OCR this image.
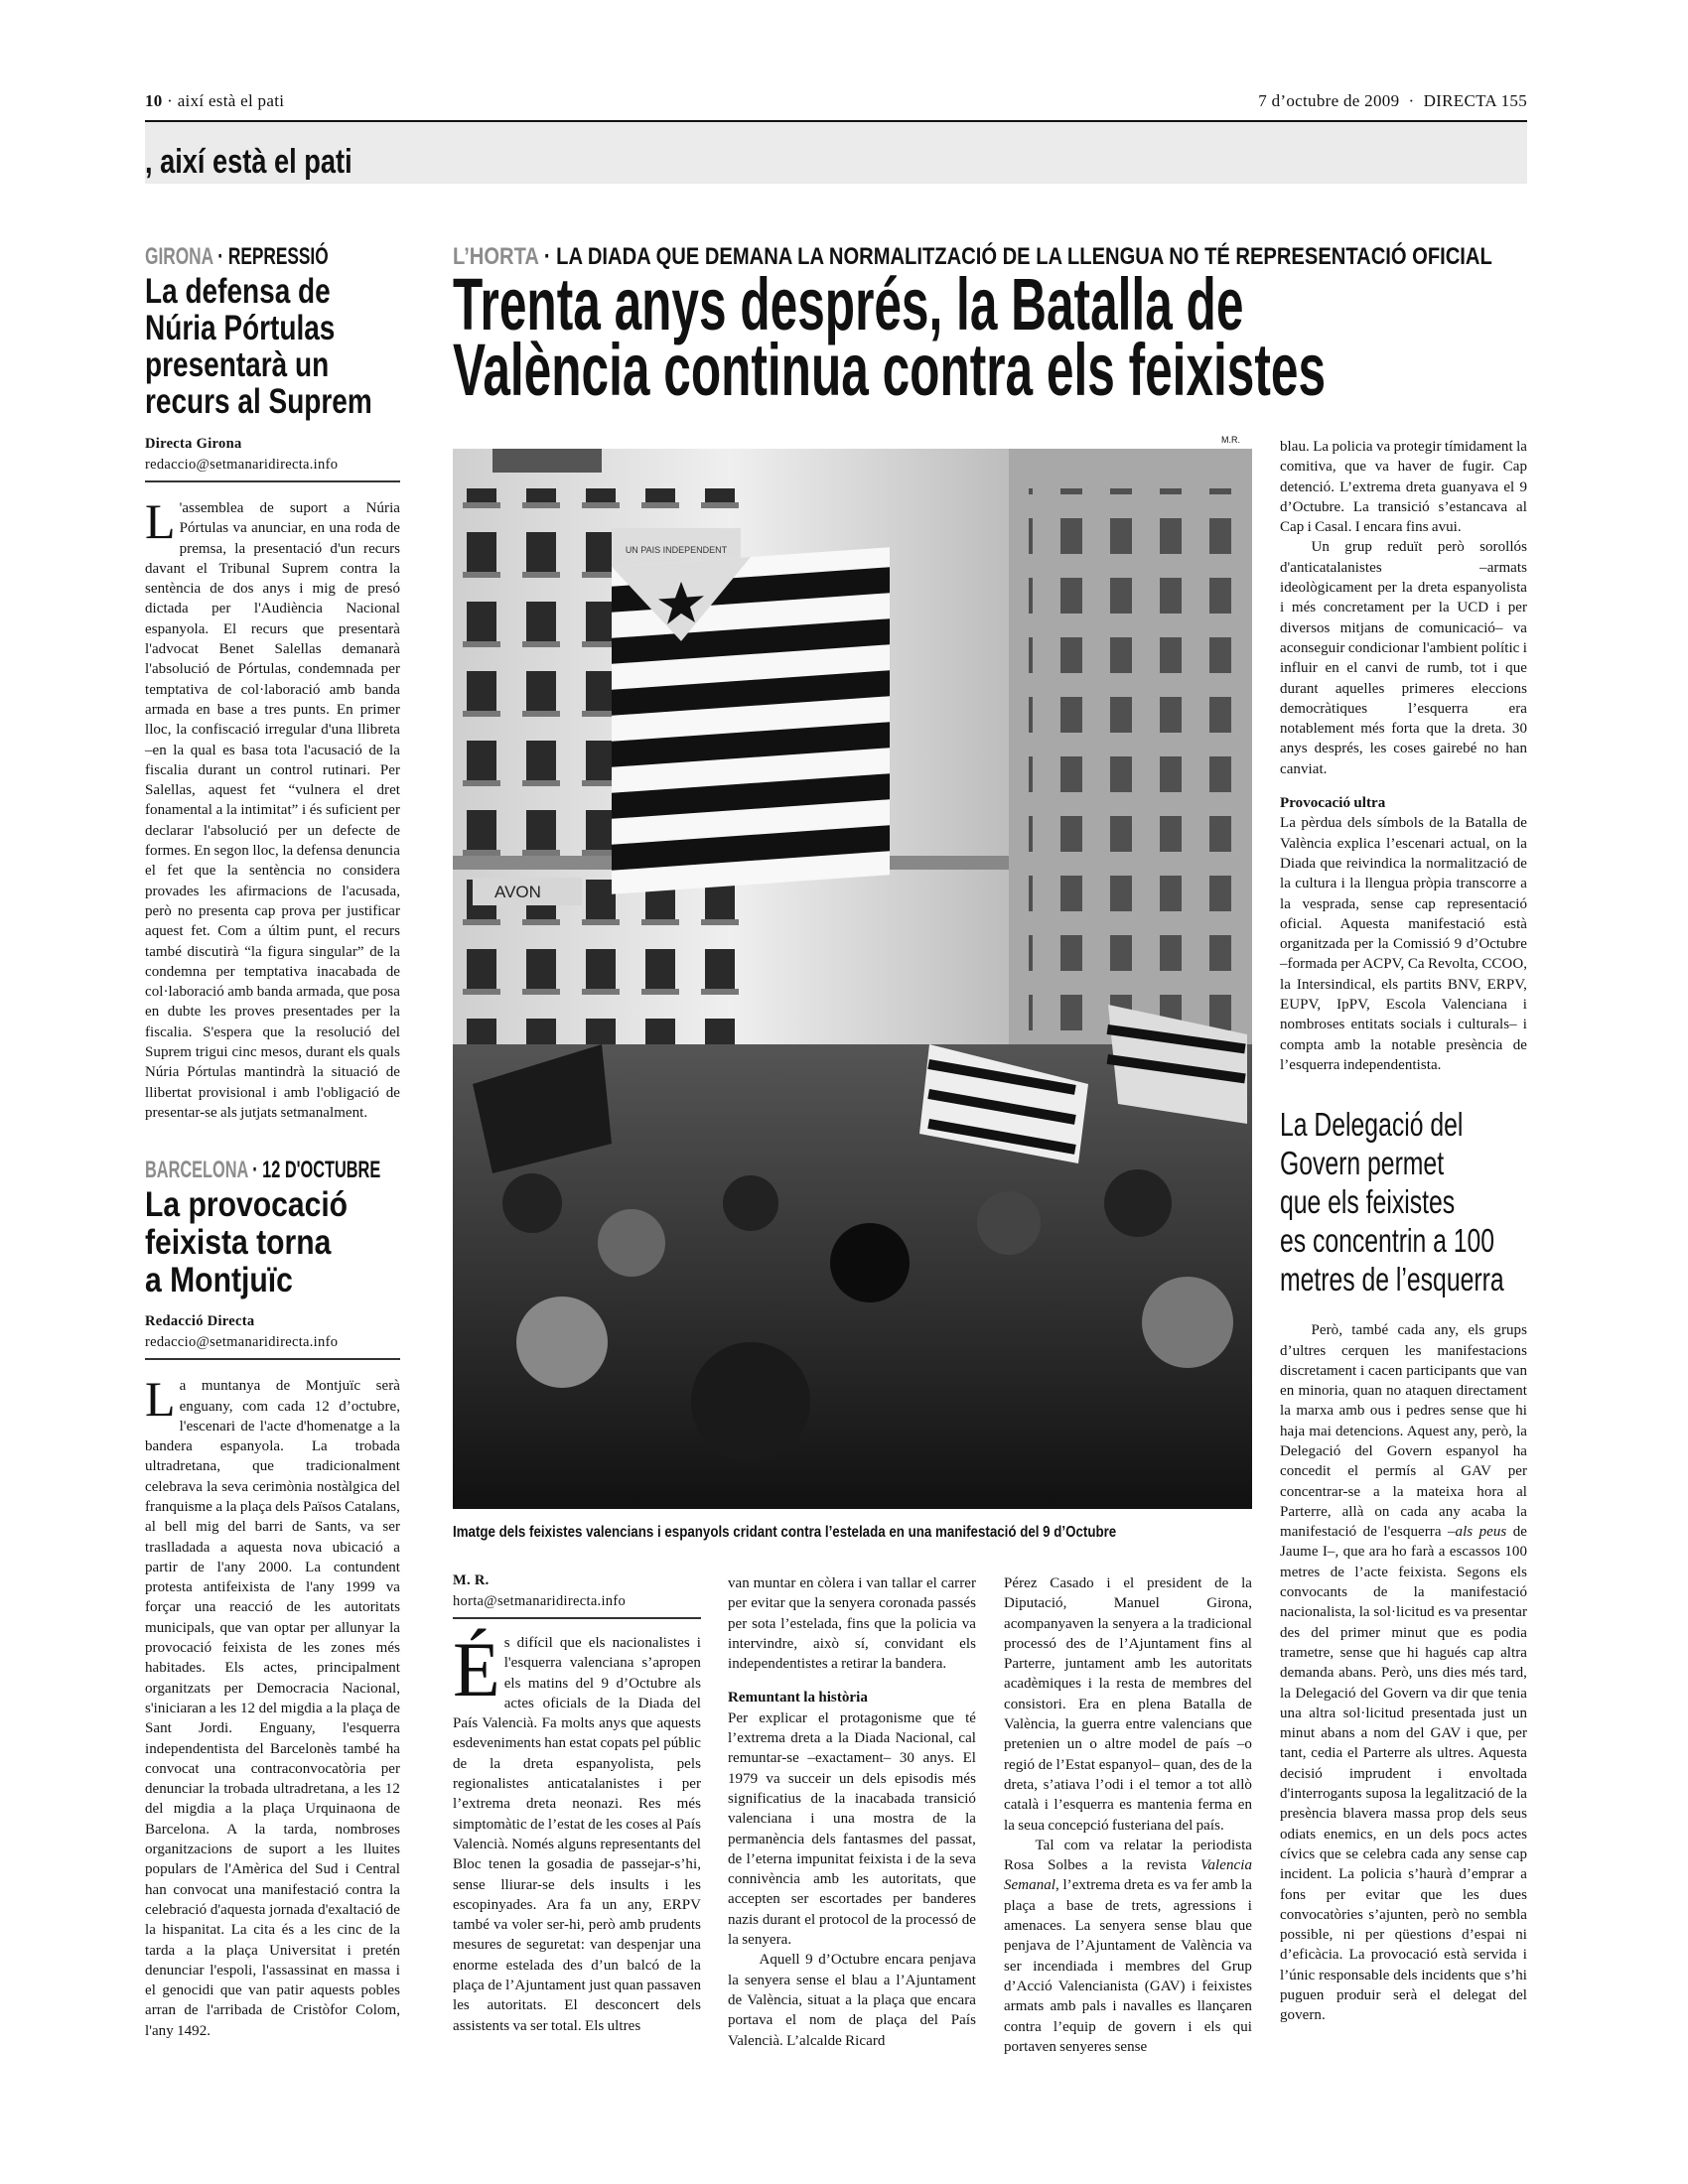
10 · així està el pati	7 d’octubre de 2009 · DIRECTA 155
, així està el pati
GIRONA · REPRESSIÓ
La defensa de
Núria Pórtulas
presentarà un
recurs al Suprem
Directa Girona
redaccio@setmanaridirecta.info

L 'assemblea de suport a Núria Pórtulas va anunciar, en una roda de premsa, la presentació d'un recurs davant el Tribunal Suprem contra la sentència de dos anys i mig de presó dictada per l'Audiència Nacional espanyola. El recurs que presentarà l'advocat Benet Salellas demanarà l'absolució de Pórtulas, condemnada per temptativa de col·laboració amb banda armada en base a tres punts. En primer lloc, la confiscació irregular d'una llibreta –en la qual es basa tota l'acusació de la fiscalia durant un control rutinari. Per Salellas, aquest fet “vulnera el dret fonamental a la intimitat” i és suficient per declarar l'absolució per un defecte de formes. En segon lloc, la defensa denuncia el fet que la sentència no considera provades les afirmacions de l'acusada, però no presenta cap prova per justificar aquest fet. Com a últim punt, el recurs també discutirà “la figura singular” de la condemna per temptativa inacabada de col·laboració amb banda armada, que posa en dubte les proves presentades per la fiscalia. S'espera que la resolució del Suprem trigui cinc mesos, durant els quals Núria Pórtulas mantindrà la situació de llibertat provisional i amb l'obligació de presentar-se als jutjats setmanalment.

BARCELONA · 12 D'OCTUBRE
La provocació
feixista torna
a Montjuïc
Redacció Directa
redaccio@setmanaridirecta.info

La muntanya de Montjuïc serà enguany, com cada 12 d’octubre, l'escenari de l'acte d'homenatge a la bandera espanyola. La trobada ultradretana, que tradicionalment celebrava la seva cerimònia nostàlgica del franquisme a la plaça dels Països Catalans, al bell mig del barri de Sants, va ser traslladada a aquesta nova ubicació a partir de l'any 2000. La contundent protesta antifeixista de l'any 1999 va forçar una reacció de les autoritats municipals, que van optar per allunyar la provocació feixista de les zones més habitades. Els actes, principalment organitzats per Democracia Nacional, s'iniciaran a les 12 del migdia a la plaça de Sant Jordi. Enguany, l'esquerra independentista del Barcelonès també ha convocat una contraconvocatòria per denunciar la trobada ultradretana, a les 12 del migdia a la plaça Urquinaona de Barcelona. A la tarda, nombroses organitzacions de suport a les lluites populars de l'Amèrica del Sud i Central han convocat una manifestació contra la celebració d'aquesta jornada d'exaltació de la hispanitat. La cita és a les cinc de la tarda a la plaça Universitat i pretén denunciar l'espoli, l'assassinat en massa i el genocidi que van patir aquests pobles arran de l'arribada de Cristòfor Colom, l'any 1492.

L’HORTA · LA DIADA QUE DEMANA LA NORMALITZACIÓ DE LA LLENGUA NO TÉ REPRESENTACIÓ OFICIAL
Trenta anys després, la Batalla de
València continua contra els feixistes
M.R.
UN PAIS INDEPENDENT
AVON
Imatge dels feixistes valencians i espanyols cridant contra l’estelada en una manifestació del 9 d’Octubre
M. R.
horta@setmanaridirecta.info

És difícil que els nacionalistes i l'esquerra valenciana s’apropen els matins del 9 d’Octubre als actes oficials de la Diada del País Valencià. Fa molts anys que aquests esdeveniments han estat copats pel públic de la dreta espanyolista, pels regionalistes anticatalanistes i per l’extrema dreta neonazi. Res més simptomàtic de l’estat de les coses al País Valencià. Només alguns representants del Bloc tenen la gosadia de passejar-s’hi, sense lliurar-se dels insults i les escopinyades. Ara fa un any, ERPV també va voler ser-hi, però amb prudents mesures de seguretat: van despenjar una enorme estelada des d’un balcó de la plaça de l’Ajuntament just quan passaven les autoritats. El desconcert dels assistents va ser total. Els ultres

van muntar en còlera i van tallar el carrer per evitar que la senyera coronada passés per sota l’estelada, fins que la policia va intervindre, això sí, convidant els independentistes a retirar la bandera.

Remuntant la història

Per explicar el protagonisme que té l’extrema dreta a la Diada Nacional, cal remuntar-se –exactament– 30 anys. El 1979 va succeir un dels episodis més significatius de la inacabada transició valenciana i una mostra de la permanència dels fantasmes del passat, de l’eterna impunitat feixista i de la seva connivència amb les autoritats, que accepten ser escortades per banderes nazis durant el protocol de la processó de la senyera.

Aquell 9 d’Octubre encara penjava la senyera sense el blau a l’Ajuntament de València, situat a la plaça que encara portava el nom de plaça del País Valencià. L’alcalde Ricard

Pérez Casado i el president de la Diputació, Manuel Girona, acompanyaven la senyera a la tradicional processó des de l’Ajuntament fins al Parterre, juntament amb les autoritats acadèmiques i la resta de membres del consistori. Era en plena Batalla de València, la guerra entre valencians que pretenien un o altre model de país –o regió de l’Estat espanyol– quan, des de la dreta, s’atiava l’odi i el temor a tot allò català i l’esquerra es mantenia ferma en la seua concepció fusteriana del país.

Tal com va relatar la periodista Rosa Solbes a la revista Valencia Semanal, l’extrema dreta es va fer amb la plaça a base de trets, agressions i amenaces. La senyera sense blau que penjava de l’Ajuntament de València va ser incendiada i membres del Grup d’Acció Valencianista (GAV) i feixistes armats amb pals i navalles es llançaren contra l’equip de govern i els qui portaven senyeres sense

blau. La policia va protegir tímidament la comitiva, que va haver de fugir. Cap detenció. L’extrema dreta guanyava el 9 d’Octubre. La transició s’estancava al Cap i Casal. I encara fins avui.

Un grup reduït però sorollós d'anticatalanistes –armats ideològicament per la dreta espanyolista i més concretament per la UCD i per diversos mitjans de comunicació– va aconseguir condicionar l'ambient polític i influir en el canvi de rumb, tot i que durant aquelles primeres eleccions democràtiques l’esquerra era notablement més forta que la dreta. 30 anys després, les coses gairebé no han canviat.

Provocació ultra

La pèrdua dels símbols de la Batalla de València explica l’escenari actual, on la Diada que reivindica la normalització de la cultura i la llengua pròpia transcorre a la vesprada, sense cap representació oficial. Aquesta manifestació està organitzada per la Comissió 9 d’Octubre –formada per ACPV, Ca Revolta, CCOO, la Intersindical, els partits BNV, ERPV, EUPV, IpPV, Escola Valenciana i nombroses entitats socials i culturals– i compta amb la notable presència de l’esquerra independentista.

La Delegació del
Govern permet
que els feixistes
es concentrin a 100
metres de l’esquerra

Però, també cada any, els grups d’ultres cerquen les manifestacions discretament i cacen participants que van en minoria, quan no ataquen directament la marxa amb ous i pedres sense que hi haja mai detencions. Aquest any, però, la Delegació del Govern espanyol ha concedit el permís al GAV per concentrar-se a la mateixa hora al Parterre, allà on cada any acaba la manifestació de l'esquerra –als peus de Jaume I–, que ara ho farà a escassos 100 metres de l’acte feixista. Segons els convocants de la manifestació nacionalista, la sol·licitud es va presentar des del primer minut que es podia trametre, sense que hi hagués cap altra demanda abans. Però, uns dies més tard, la Delegació del Govern va dir que tenia una altra sol·licitud presentada just un minut abans a nom del GAV i que, per tant, cedia el Parterre als ultres. Aquesta decisió imprudent i envoltada d'interrogants suposa la legalització de la presència blavera massa prop dels seus odiats enemics, en un dels pocs actes cívics que se celebra cada any sense cap incident. La policia s’haurà d’emprar a fons per evitar que les dues convocatòries s’ajunten, però no sembla possible, ni per qüestions d’espai ni d’eficàcia. La provocació està servida i l’únic responsable dels incidents que s’hi puguen produir serà el delegat del govern.
